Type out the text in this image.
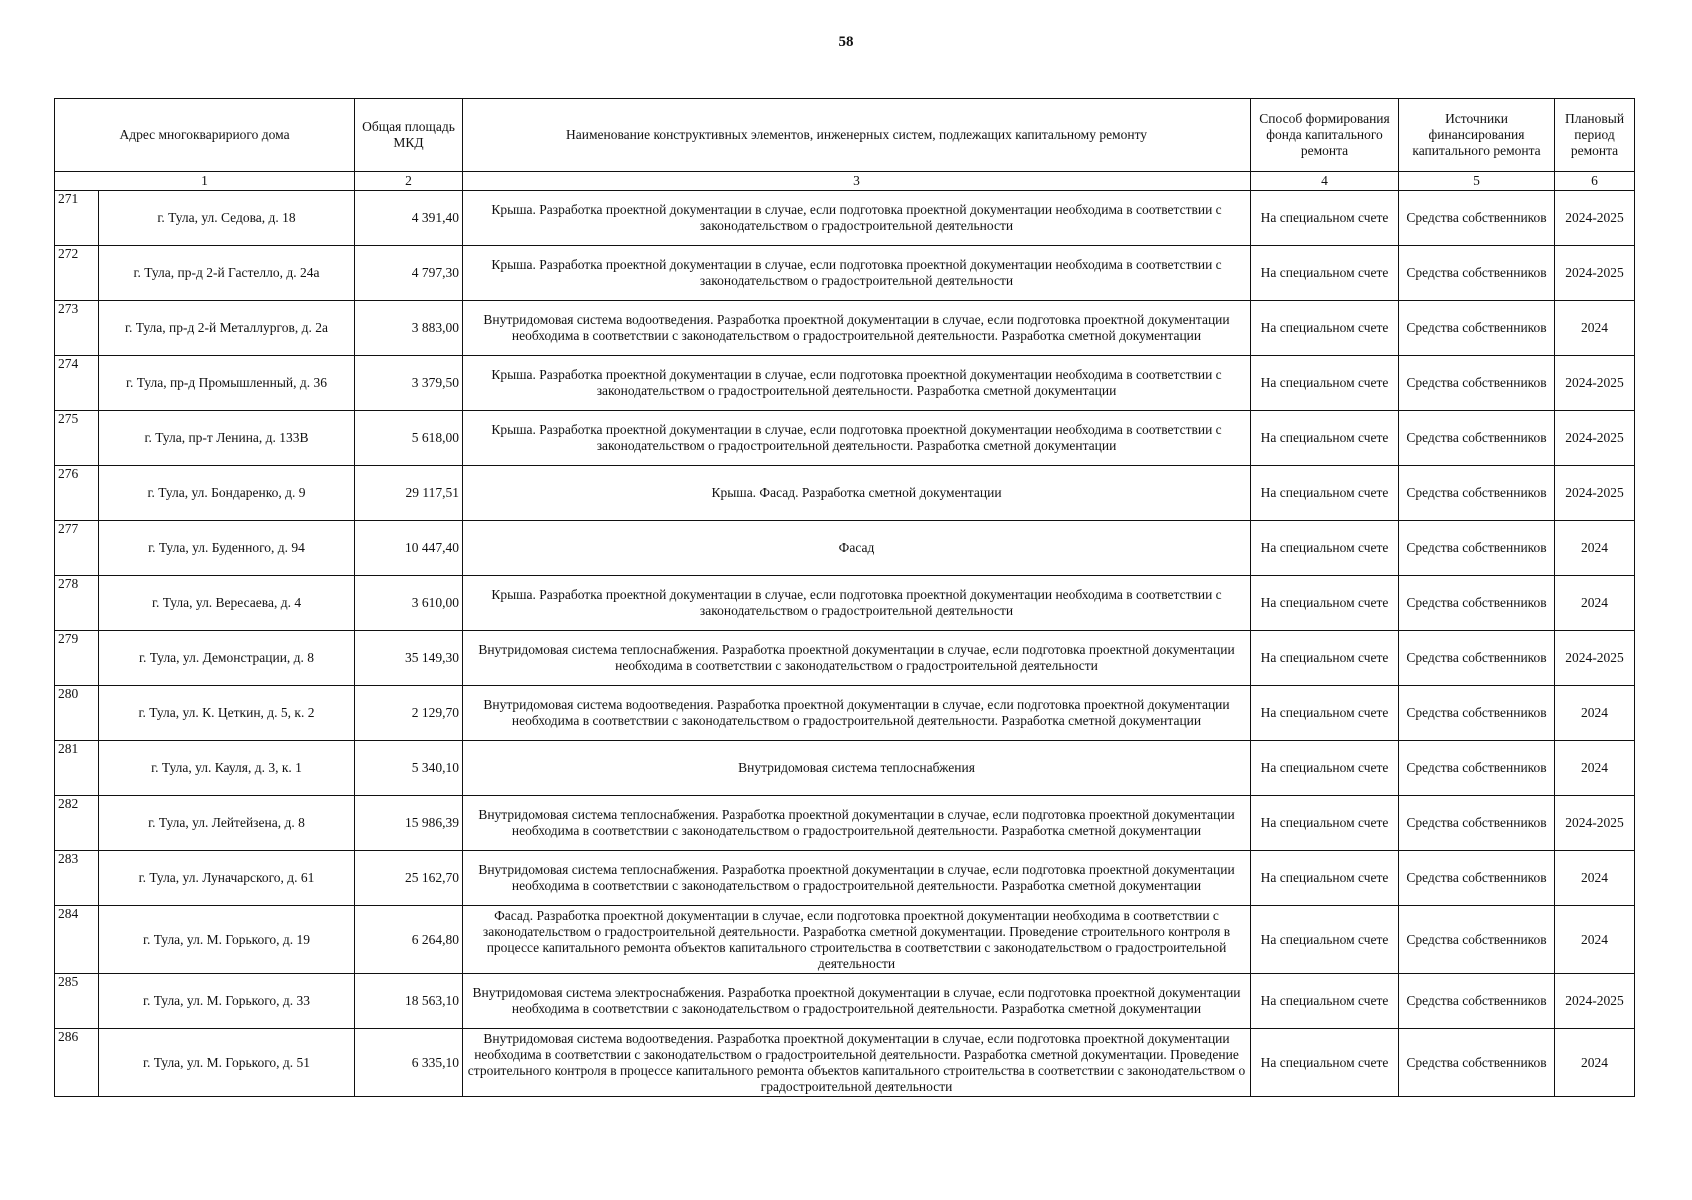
58
Адрес многокваририого дома		Общая площадь МКД	Наименование конструктивных элементов, инженерных систем, подлежащих капитальному ремонту	Способ формирования фонда капитального ремонта	Источники финансирования капитального ремонта	Плановый период ремонта
1		2	3	4	5	6
271	г. Тула, ул. Седова, д. 18	4 391,40	Крыша. Разработка проектной документации в случае, если подготовка проектной документации необходима в соответствии с законодательством о градостроительной деятельности	На специальном счете	Средства собственников	2024-2025
272	г. Тула, пр-д 2-й Гастелло, д. 24а	4 797,30	Крыша. Разработка проектной документации в случае, если подготовка проектной документации необходима в соответствии с законодательством о градостроительной деятельности	На специальном счете	Средства собственников	2024-2025
273	г. Тула, пр-д 2-й Металлургов, д. 2а	3 883,00	Внутридомовая система водоотведения. Разработка проектной документации в случае, если подготовка проектной документации необходима в соответствии с законодательством о градостроительной деятельности. Разработка сметной документации	На специальном счете	Средства собственников	2024
274	г. Тула, пр-д Промышленный, д. 36	3 379,50	Крыша. Разработка проектной документации в случае, если подготовка проектной документации необходима в соответствии с законодательством о градостроительной деятельности. Разработка сметной документации	На специальном счете	Средства собственников	2024-2025
275	г. Тула, пр-т Ленина, д. 133В	5 618,00	Крыша. Разработка проектной документации в случае, если подготовка проектной документации необходима в соответствии с законодательством о градостроительной деятельности. Разработка сметной документации	На специальном счете	Средства собственников	2024-2025
276	г. Тула, ул. Бондаренко, д. 9	29 117,51	Крыша. Фасад. Разработка сметной документации	На специальном счете	Средства собственников	2024-2025
277	г. Тула, ул. Буденного, д. 94	10 447,40	Фасад	На специальном счете	Средства собственников	2024
278	г. Тула, ул. Вересаева, д. 4	3 610,00	Крыша. Разработка проектной документации в случае, если подготовка проектной документации необходима в соответствии с законодательством о градостроительной деятельности	На специальном счете	Средства собственников	2024
279	г. Тула, ул. Демонстрации, д. 8	35 149,30	Внутридомовая система теплоснабжения. Разработка проектной документации в случае, если подготовка проектной документации необходима в соответствии с законодательством о градостроительной деятельности	На специальном счете	Средства собственников	2024-2025
280	г. Тула, ул. К. Цеткин, д. 5, к. 2	2 129,70	Внутридомовая система водоотведения. Разработка проектной документации в случае, если подготовка проектной документации необходима в соответствии с законодательством о градостроительной деятельности. Разработка сметной документации	На специальном счете	Средства собственников	2024
281	г. Тула, ул. Кауля, д. 3, к. 1	5 340,10	Внутридомовая система теплоснабжения	На специальном счете	Средства собственников	2024
282	г. Тула, ул. Лейтейзена, д. 8	15 986,39	Внутридомовая система теплоснабжения. Разработка проектной документации в случае, если подготовка проектной документации необходима в соответствии с законодательством о градостроительной деятельности. Разработка сметной документации	На специальном счете	Средства собственников	2024-2025
283	г. Тула, ул. Луначарского, д. 61	25 162,70	Внутридомовая система теплоснабжения. Разработка проектной документации в случае, если подготовка проектной документации необходима в соответствии с законодательством о градостроительной деятельности. Разработка сметной документации	На специальном счете	Средства собственников	2024
284	г. Тула, ул. М. Горького, д. 19	6 264,80	Фасад. Разработка проектной документации в случае, если подготовка проектной документации необходима в соответствии с законодательством о градостроительной деятельности. Разработка сметной документации. Проведение строительного контроля в процессе капитального ремонта объектов капитального строительства в соответствии с законодательством о градостроительной деятельности	На специальном счете	Средства собственников	2024
285	г. Тула, ул. М. Горького, д. 33	18 563,10	Внутридомовая система электроснабжения. Разработка проектной документации в случае, если подготовка проектной документации необходима в соответствии с законодательством о градостроительной деятельности. Разработка сметной документации	На специальном счете	Средства собственников	2024-2025
286	г. Тула, ул. М. Горького, д. 51	6 335,10	Внутридомовая система водоотведения. Разработка проектной документации в случае, если подготовка проектной документации необходима в соответствии с законодательством о градостроительной деятельности. Разработка сметной документации. Проведение строительного контроля в процессе капитального ремонта объектов капитального строительства в соответствии с законодательством о градостроительной деятельности	На специальном счете	Средства собственников	2024
